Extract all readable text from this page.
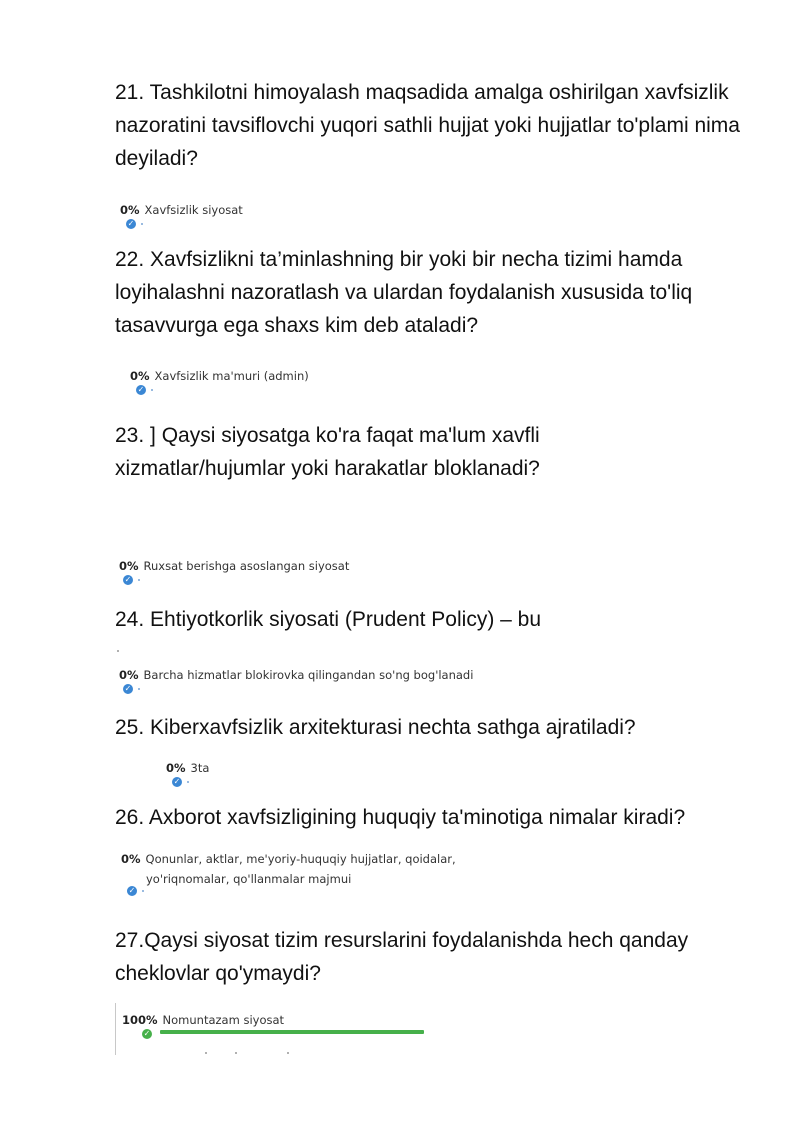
21. Tashkilotni himoyalash maqsadida amalga oshirilgan xavfsizlik nazoratini tavsiflovchi yuqori sathli hujjat yoki hujjatlar to'plami nima deyiladi?
0% Xavfsizlik siyosat
✓
22. Xavfsizlikni ta’minlashning bir yoki bir necha tizimi hamda loyihalashni nazoratlash va ulardan foydalanish xususida to'liq tasavvurga ega shaxs kim deb ataladi?
0% Xavfsizlik ma'muri (admin)
✓
23. ] Qaysi siyosatga ko'ra faqat ma'lum xavfli xizmatlar/hujumlar yoki harakatlar bloklanadi?
0% Ruxsat berishga asoslangan siyosat
✓
24. Ehtiyotkorlik siyosati (Prudent Policy) – bu
0% Barcha hizmatlar blokirovka qilingandan so'ng bog'lanadi
✓
25. Kiberxavfsizlik arxitekturasi nechta sathga ajratiladi?
0% 3ta
✓
26. Axborot xavfsizligining huquqiy ta'minotiga nimalar kiradi?
0% Qonunlar, aktlar, me'yoriy-huquqiy hujjatlar, qoidalar,
yo'riqnomalar, qo'llanmalar majmui
✓
27.Qaysi siyosat tizim resurslarini foydalanishda hech qanday cheklovlar qo'ymaydi?
100% Nomuntazam siyosat
✓
